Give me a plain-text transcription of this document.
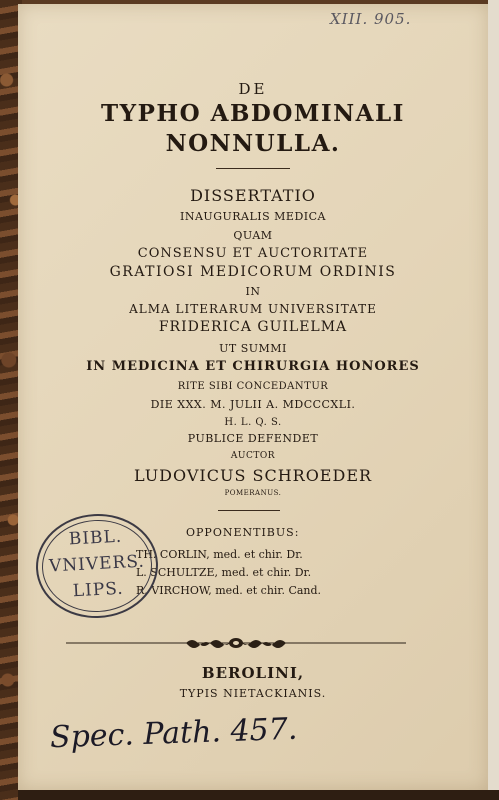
XIII. 905.
DE
TYPHO ABDOMINALI
NONNULLA.
DISSERTATIO
INAUGURALIS MEDICA
QUAM
CONSENSU ET AUCTORITATE
GRATIOSI MEDICORUM ORDINIS
IN
ALMA LITERARUM UNIVERSITATE
FRIDERICA GUILELMA
UT SUMMI
IN MEDICINA ET CHIRURGIA HONORES
RITE SIBI CONCEDANTUR
DIE XXX. M. JULII A. MDCCCXLI.
H. L. Q. S.
PUBLICE DEFENDET
AUCTOR
LUDOVICUS SCHROEDER
POMERANUS.
OPPONENTIBUS:
TH. CORLIN, med. et chir. Dr.
L. SCHULTZE, med. et chir. Dr.
R. VIRCHOW, med. et chir. Cand.
BIBL.
VNIVERS.
LIPS.
BEROLINI,
TYPIS NIETACKIANIS.
Spec. Path. 457.
